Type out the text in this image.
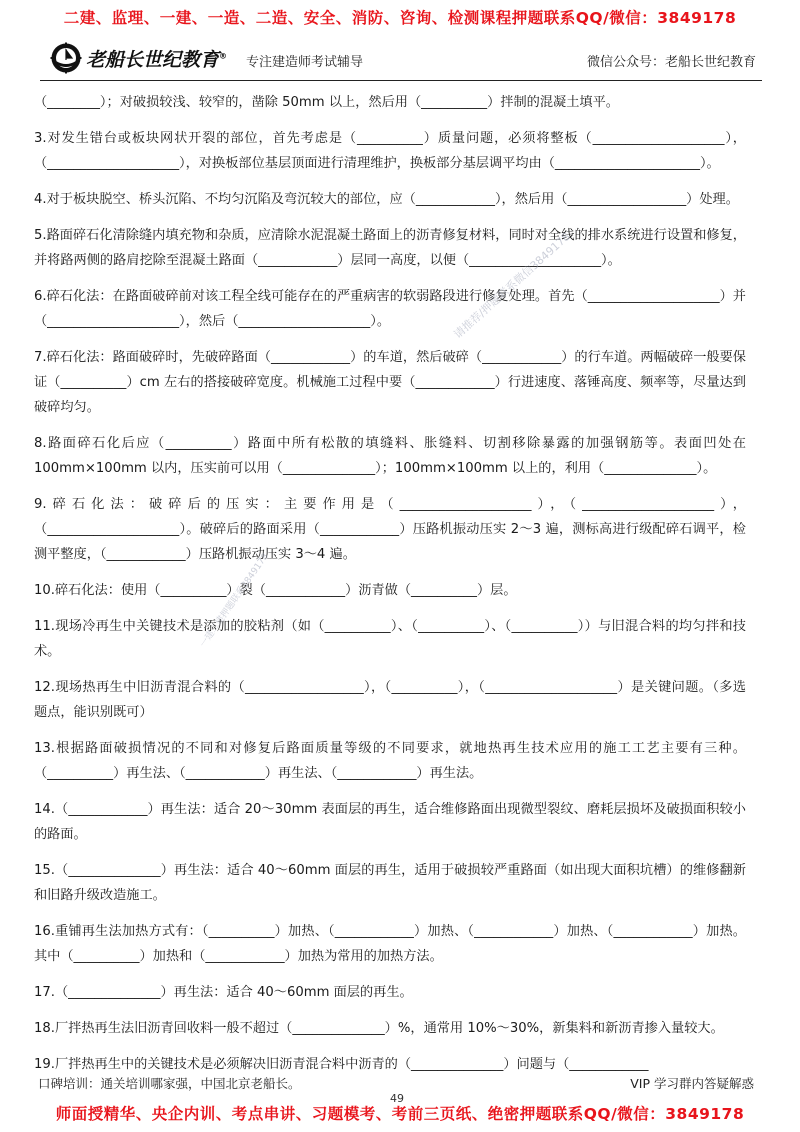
二建、监理、一建、一造、二造、安全、消防、咨询、检测课程押题联系QQ/微信：3849178
老船长世纪教育® 专注建造师考试辅导	微信公众号：老船长世纪教育
（________）；对破损较浅、较窄的，凿除 50mm 以上，然后用（__________）拌制的混凝土填平。
3.对发生错台或板块网状开裂的部位，首先考虑是（__________）质量问题，必须将整板（____________________），（____________________），对换板部位基层顶面进行清理维护，换板部分基层调平均由（______________________）。
4.对于板块脱空、桥头沉陷、不均匀沉陷及弯沉较大的部位，应（____________），然后用（__________________）处理。
5.路面碎石化清除缝内填充物和杂质，应清除水泥混凝土路面上的沥青修复材料，同时对全线的排水系统进行设置和修复，并将路两侧的路肩挖除至混凝土路面（____________）层同一高度，以便（____________________）。
6.碎石化法：在路面破碎前对该工程全线可能存在的严重病害的软弱路段进行修复处理。首先（____________________）并（____________________），然后（____________________）。
7.碎石化法：路面破碎时，先破碎路面（____________）的车道，然后破碎（____________）的行车道。两幅破碎一般要保证（__________）cm 左右的搭接破碎宽度。机械施工过程中要（____________）行进速度、落锤高度、频率等，尽量达到破碎均匀。
8.路面碎石化后应（__________）路面中所有松散的填缝料、胀缝料、切割移除暴露的加强钢筋等。表面凹处在 100mm×100mm 以内，压实前可以用（______________）；100mm×100mm 以上的，利用（______________）。
9.碎石化法：破碎后的压实：主要作用是（____________________），（____________________），（____________________）。破碎后的路面采用（____________）压路机振动压实 2～3 遍，测标高进行级配碎石调平，检测平整度，（____________）压路机振动压实 3～4 遍。
10.碎石化法：使用（__________）裂（____________）沥青做（__________）层。
11.现场冷再生中关键技术是添加的胶粘剂（如（__________）、（__________）、（__________））与旧混合料的均匀拌和技术。
12.现场热再生中旧沥青混合料的（__________________），（__________），（____________________）是关键问题。（多选题点，能识别既可）
13.根据路面破损情况的不同和对修复后路面质量等级的不同要求，就地热再生技术应用的施工工艺主要有三种。（__________）再生法、（____________）再生法、（____________）再生法。
14.（____________）再生法：适合 20～30mm 表面层的再生，适合维修路面出现微型裂纹、磨耗层损坏及破损面积较小的路面。
15.（______________）再生法：适合 40～60mm 面层的再生，适用于破损较严重路面（如出现大面积坑槽）的维修翻新和旧路升级改造施工。
16.重铺再生法加热方式有：（__________）加热、（____________）加热、（____________）加热、（____________）加热。其中（__________）加热和（____________）加热为常用的加热方法。
17.（______________）再生法：适合 40～60mm 面层的再生。
18.厂拌热再生法旧沥青回收料一般不超过（______________）%，通常用 10%～30%，新集料和新沥青掺入量较大。
19.厂拌热再生中的关键技术是必须解决旧沥青混合料中沥青的（______________）问题与（____________
请推荐/押题联系微信3849178
一建二建押题联系3849178
口碑培训：通关培训哪家强，中国北京老船长。	VIP 学习群内答疑解惑
49
师面授精华、央企内训、考点串讲、习题模考、考前三页纸、绝密押题联系QQ/微信：3849178
